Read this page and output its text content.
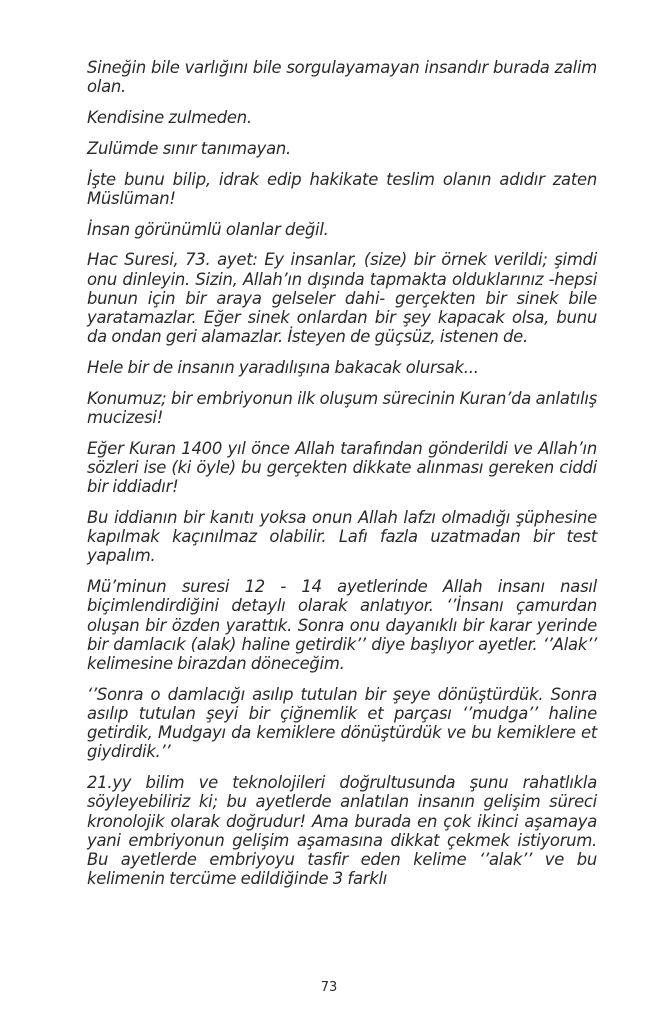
Sineğin bile varlığını bile sorgulayamayan insandır burada zalim olan.

Kendisine zulmeden.

Zulümde sınır tanımayan.

İşte bunu bilip, idrak edip hakikate teslim olanın adıdır zaten Müslüman!

İnsan görünümlü olanlar değil.

Hac Suresi, 73. ayet: Ey insanlar, (size) bir örnek verildi; şimdi onu dinleyin. Sizin, Allah’ın dışında tapmakta olduklarınız -hepsi bunun için bir araya gelseler dahi- gerçekten bir sinek bile yaratamazlar. Eğer sinek onlardan bir şey kapacak olsa, bunu da ondan geri alamazlar. İsteyen de güçsüz, istenen de.

Hele bir de insanın yaradılışına bakacak olursak...

Konumuz; bir embriyonun ilk oluşum sürecinin Kuran’da anlatılış mucizesi!

Eğer Kuran 1400 yıl önce Allah tarafından gönderildi ve Allah’ın sözleri ise (ki öyle) bu gerçekten dikkate alınması gereken ciddi bir iddiadır!

Bu iddianın bir kanıtı yoksa onun Allah lafzı olmadığı şüphesine kapılmak kaçınılmaz olabilir. Lafı fazla uzatmadan bir test yapalım.

Mü’minun suresi 12 - 14 ayetlerinde Allah insanı nasıl biçimlendirdiğini detaylı olarak anlatıyor. ‘’İnsanı çamurdan oluşan bir özden yarattık. Sonra onu dayanıklı bir karar yerinde bir damlacık (alak) haline getirdik’’ diye başlıyor ayetler. ‘’Alak’’ kelimesine birazdan döneceğim.

‘’Sonra o damlacığı asılıp tutulan bir şeye dönüştürdük. Sonra asılıp tutulan şeyi bir çiğnemlik et parçası ‘’mudga’’ haline getirdik, Mudgayı da kemiklere dönüştürdük ve bu kemiklere et giydirdik.’’

21.yy bilim ve teknolojileri doğrultusunda şunu rahatlıkla söyleyebiliriz ki; bu ayetlerde anlatılan insanın gelişim süreci kronolojik olarak doğrudur! Ama burada en çok ikinci aşamaya yani embriyonun gelişim aşamasına dikkat çekmek istiyorum. Bu ayetlerde embriyoyu tasfir eden kelime ‘’alak’’ ve bu kelimenin tercüme edildiğinde 3 farklı

73
